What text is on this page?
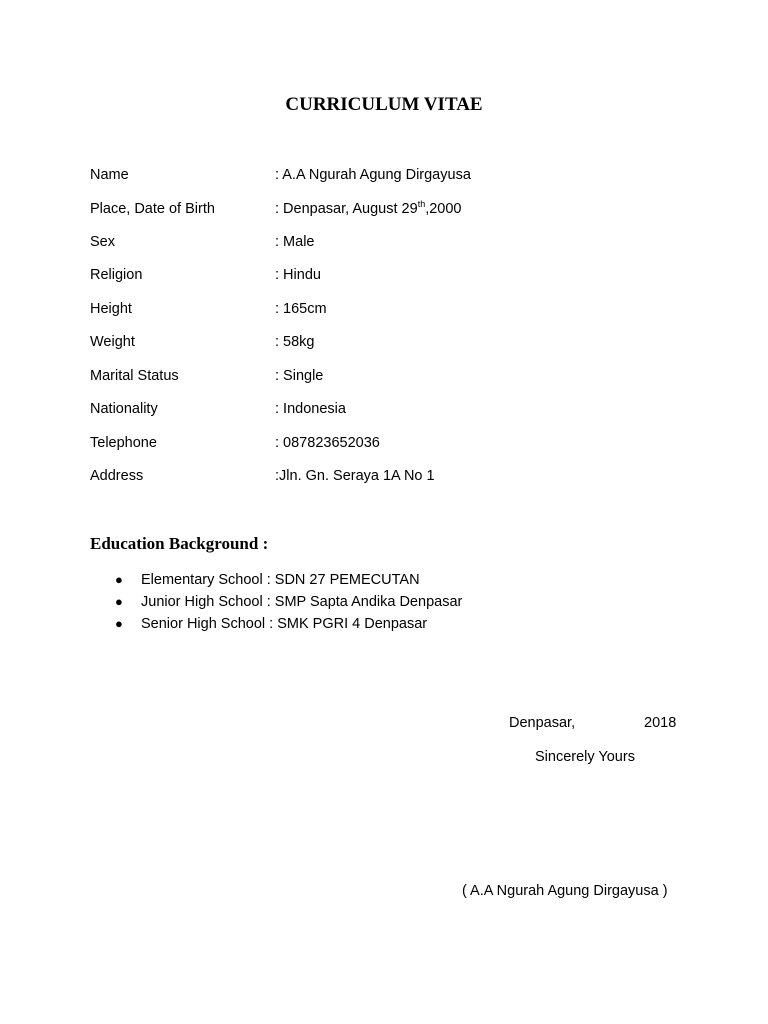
CURRICULUM VITAE
Name	: A.A Ngurah Agung Dirgayusa
Place, Date of Birth	: Denpasar, August 29th,2000
Sex	: Male
Religion	: Hindu
Height	: 165cm
Weight	: 58kg
Marital Status	: Single
Nationality	: Indonesia
Telephone	: 087823652036
Address	:Jln. Gn. Seraya 1A No 1
Education Background :
● Elementary School : SDN 27 PEMECUTAN
● Junior High School : SMP Sapta Andika Denpasar
● Senior High School : SMK PGRI 4 Denpasar
Denpasar,	2018
Sincerely Yours
( A.A Ngurah Agung Dirgayusa )
